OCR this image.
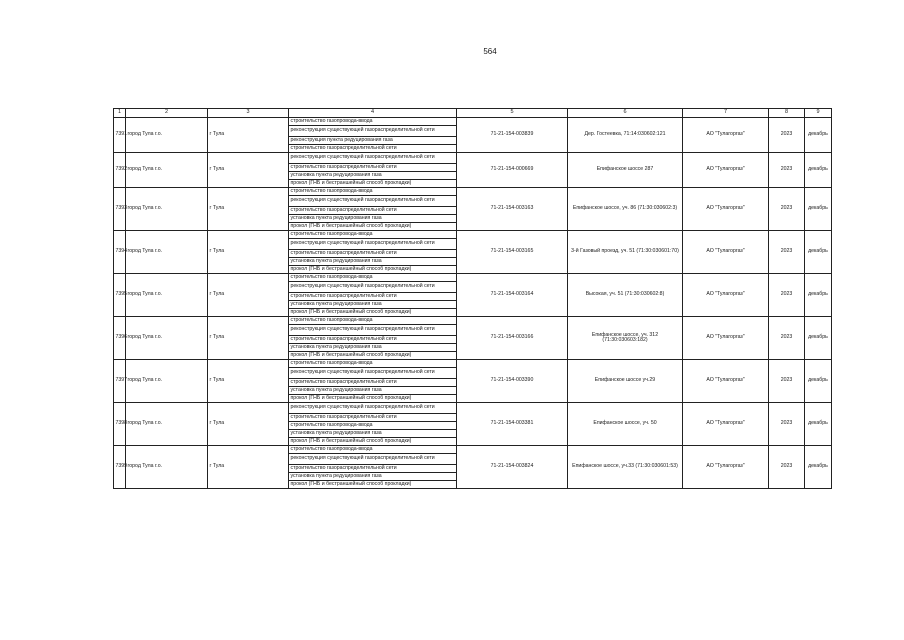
564
1	2	3	4	5	6	7	8	9
7391	город Тула г.о.	г Тула	строительство газопровода-ввода	71-21-154-003839	Дер. Гостеевка, 71:14:030602:121	АО "Тулагоргаз"	2023	декабрь
			реконструкция существующей газораспределительной сети					
			реконструкция пункта редуцирования газа					
			строительство газораспределительной сети					
7392	город Тула г.о.	г Тула	реконструкция существующей газораспределительной сети	71-21-154-000669	Епифанское шоссе 287	АО "Тулагоргаз"	2023	декабрь
			строительство газораспределительной сети					
			установка пункта редуцирования газа					
			прокол (ГНБ и бестраншейный способ прокладки)					
7393	город Тула г.о.	г Тула	строительство газопровода-ввода	71-21-154-003163	Епифанское шоссе, уч. 86 (71:30:030602:3)	АО "Тулагоргаз"	2023	декабрь
			реконструкция существующей газораспределительной сети					
			строительство газораспределительной сети					
			установка пункта редуцирования газа					
			прокол (ГНБ и бестраншейный способ прокладки)					
7394	город Тула г.о.	г Тула	строительство газопровода-ввода	71-21-154-003165	3-й Газовый проезд, уч. 51 (71:30:030601:70)	АО "Тулагоргаз"	2023	декабрь
			реконструкция существующей газораспределительной сети					
			строительство газораспределительной сети					
			установка пункта редуцирования газа					
			прокол (ГНБ и бестраншейный способ прокладки)					
7395	город Тула г.о.	г Тула	строительство газопровода-ввода	71-21-154-003164	Высокая, уч. 51 (71:30:030602:8)	АО "Тулагоргаз"	2023	декабрь
			реконструкция существующей газораспределительной сети					
			строительство газораспределительной сети					
			установка пункта редуцирования газа					
			прокол (ГНБ и бестраншейный способ прокладки)					
7396	город Тула г.о.	г Тула	строительство газопровода-ввода	71-21-154-003166	Епифанское шоссе, уч. 312 (71:30:030603:182)	АО "Тулагоргаз"	2023	декабрь
			реконструкция существующей газораспределительной сети					
			строительство газораспределительной сети					
			установка пункта редуцирования газа					
			прокол (ГНБ и бестраншейный способ прокладки)					
7397	город Тула г.о.	г Тула	строительство газопровода-ввода	71-21-154-003390	Епифанское шоссе уч.29	АО "Тулагоргаз"	2023	декабрь
			реконструкция существующей газораспределительной сети					
			строительство газораспределительной сети					
			установка пункта редуцирования газа					
			прокол (ГНБ и бестраншейный способ прокладки)					
7398	город Тула г.о.	г Тула	реконструкция существующей газораспределительной сети	71-21-154-003381	Епифанское шоссе, уч. 50	АО "Тулагоргаз"	2023	декабрь
			строительство газораспределительной сети					
			строительство газопровода-ввода					
			установка пункта редуцирования газа					
			прокол (ГНБ и бестраншейный способ прокладки)					
7399	город Тула г.о.	г Тула	строительство газопровода-ввода	71-21-154-003824	Епифанское шоссе, уч.33 (71:30:030601:53)	АО "Тулагоргаз"	2023	декабрь
			реконструкция существующей газораспределительной сети					
			строительство газораспределительной сети					
			установка пункта редуцирования газа					
			прокол (ГНБ и бестраншейный способ прокладки)					
